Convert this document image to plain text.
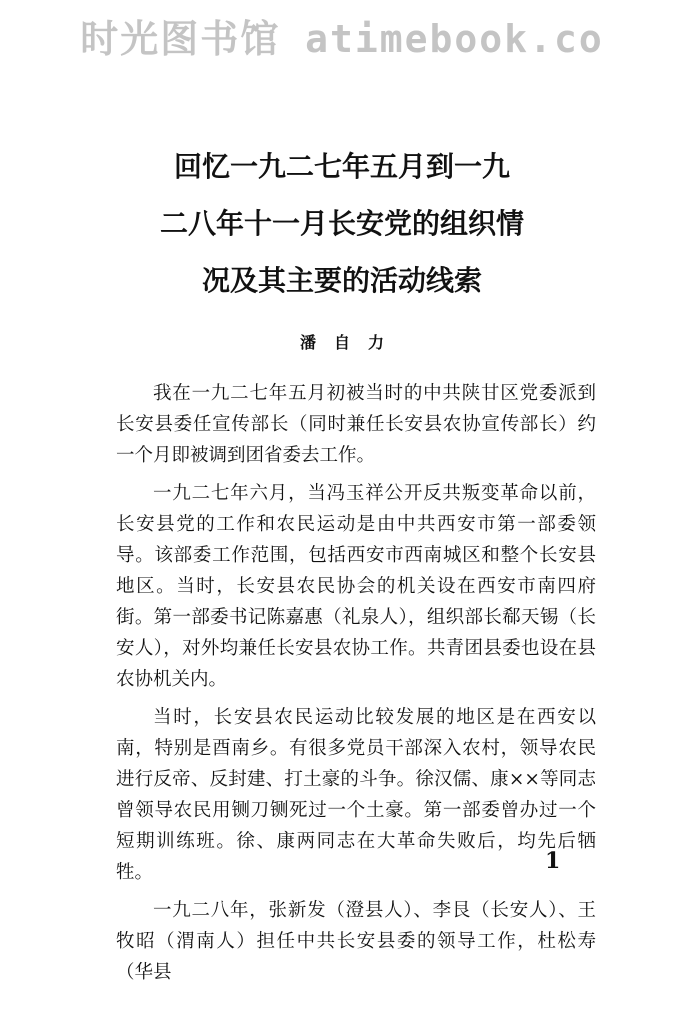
时光图书馆 atimebook.co
回忆一九二七年五月到一九
二八年十一月长安党的组织情
况及其主要的活动线索
潘自力

我在一九二七年五月初被当时的中共陕甘区党委派到长安县委任宣传部长（同时兼任长安县农协宣传部长）约一个月即被调到团省委去工作。

一九二七年六月，当冯玉祥公开反共叛变革命以前，长安县党的工作和农民运动是由中共西安市第一部委领导。该部委工作范围，包括西安市西南城区和整个长安县地区。当时，长安县农民协会的机关设在西安市南四府街。第一部委书记陈嘉惠（礼泉人），组织部长郗天锡（长安人），对外均兼任长安县农协工作。共青团县委也设在县农协机关内。

当时，长安县农民运动比较发展的地区是在西安以南，特别是酉南乡。有很多党员干部深入农村，领导农民进行反帝、反封建、打土豪的斗争。徐汉儒、康××等同志曾领导农民用铡刀铡死过一个土豪。第一部委曾办过一个短期训练班。徐、康两同志在大革命失败后，均先后牺牲。

一九二八年，张新发（澄县人）、李艮（长安人）、王牧昭（渭南人）担任中共长安县委的领导工作，杜松寿（华县

1
